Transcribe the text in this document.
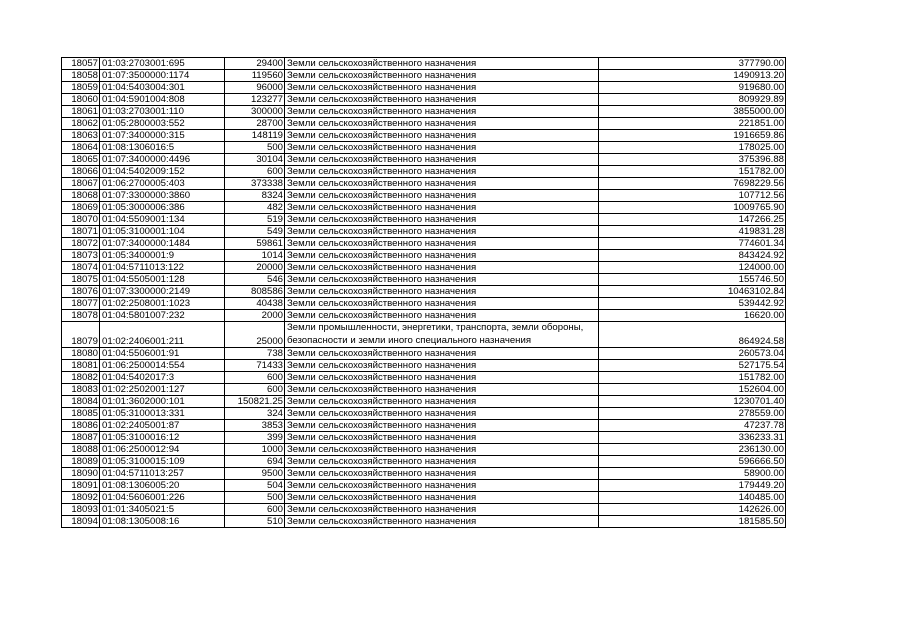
18057	01:03:2703001:695	29400	Земли сельскохозяйственного назначения	377790.00
18058	01:07:3500000:1174	119560	Земли сельскохозяйственного назначения	1490913.20
18059	01:04:5403004:301	96000	Земли сельскохозяйственного назначения	919680.00
18060	01:04:5901004:808	123277	Земли сельскохозяйственного назначения	809929.89
18061	01:03:2703001:110	300000	Земли сельскохозяйственного назначения	3855000.00
18062	01:05:2800003:552	28700	Земли сельскохозяйственного назначения	221851.00
18063	01:07:3400000:315	148119	Земли сельскохозяйственного назначения	1916659.86
18064	01:08:1306016:5	500	Земли сельскохозяйственного назначения	178025.00
18065	01:07:3400000:4496	30104	Земли сельскохозяйственного назначения	375396.88
18066	01:04:5402009:152	600	Земли сельскохозяйственного назначения	151782.00
18067	01:06:2700005:403	373338	Земли сельскохозяйственного назначения	7698229.56
18068	01:07:3300000:3860	8324	Земли сельскохозяйственного назначения	107712.56
18069	01:05:3000006:386	482	Земли сельскохозяйственного назначения	1009765.90
18070	01:04:5509001:134	519	Земли сельскохозяйственного назначения	147266.25
18071	01:05:3100001:104	549	Земли сельскохозяйственного назначения	419831.28
18072	01:07:3400000:1484	59861	Земли сельскохозяйственного назначения	774601.34
18073	01:05:3400001:9	1014	Земли сельскохозяйственного назначения	843424.92
18074	01:04:5711013:122	20000	Земли сельскохозяйственного назначения	124000.00
18075	01:04:5505001:128	546	Земли сельскохозяйственного назначения	155746.50
18076	01:07:3300000:2149	808586	Земли сельскохозяйственного назначения	10463102.84
18077	01:02:2508001:1023	40438	Земли сельскохозяйственного назначения	539442.92
18078	01:04:5801007:232	2000	Земли сельскохозяйственного назначения	16620.00
18079	01:02:2406001:211	25000	Земли промышленности, энергетики, транспорта, земли обороны, безопасности и земли иного специального назначения	864924.58
18080	01:04:5506001:91	738	Земли сельскохозяйственного назначения	260573.04
18081	01:06:2500014:554	71433	Земли сельскохозяйственного назначения	527175.54
18082	01:04:5402017:3	600	Земли сельскохозяйственного назначения	151782.00
18083	01:02:2502001:127	600	Земли сельскохозяйственного назначения	152604.00
18084	01:01:3602000:101	150821.25	Земли сельскохозяйственного назначения	1230701.40
18085	01:05:3100013:331	324	Земли сельскохозяйственного назначения	278559.00
18086	01:02:2405001:87	3853	Земли сельскохозяйственного назначения	47237.78
18087	01:05:3100016:12	399	Земли сельскохозяйственного назначения	336233.31
18088	01:06:2500012:94	1000	Земли сельскохозяйственного назначения	236130.00
18089	01:05:3100015:109	694	Земли сельскохозяйственного назначения	596666.50
18090	01:04:5711013:257	9500	Земли сельскохозяйственного назначения	58900.00
18091	01:08:1306005:20	504	Земли сельскохозяйственного назначения	179449.20
18092	01:04:5606001:226	500	Земли сельскохозяйственного назначения	140485.00
18093	01:01:3405021:5	600	Земли сельскохозяйственного назначения	142626.00
18094	01:08:1305008:16	510	Земли сельскохозяйственного назначения	181585.50
